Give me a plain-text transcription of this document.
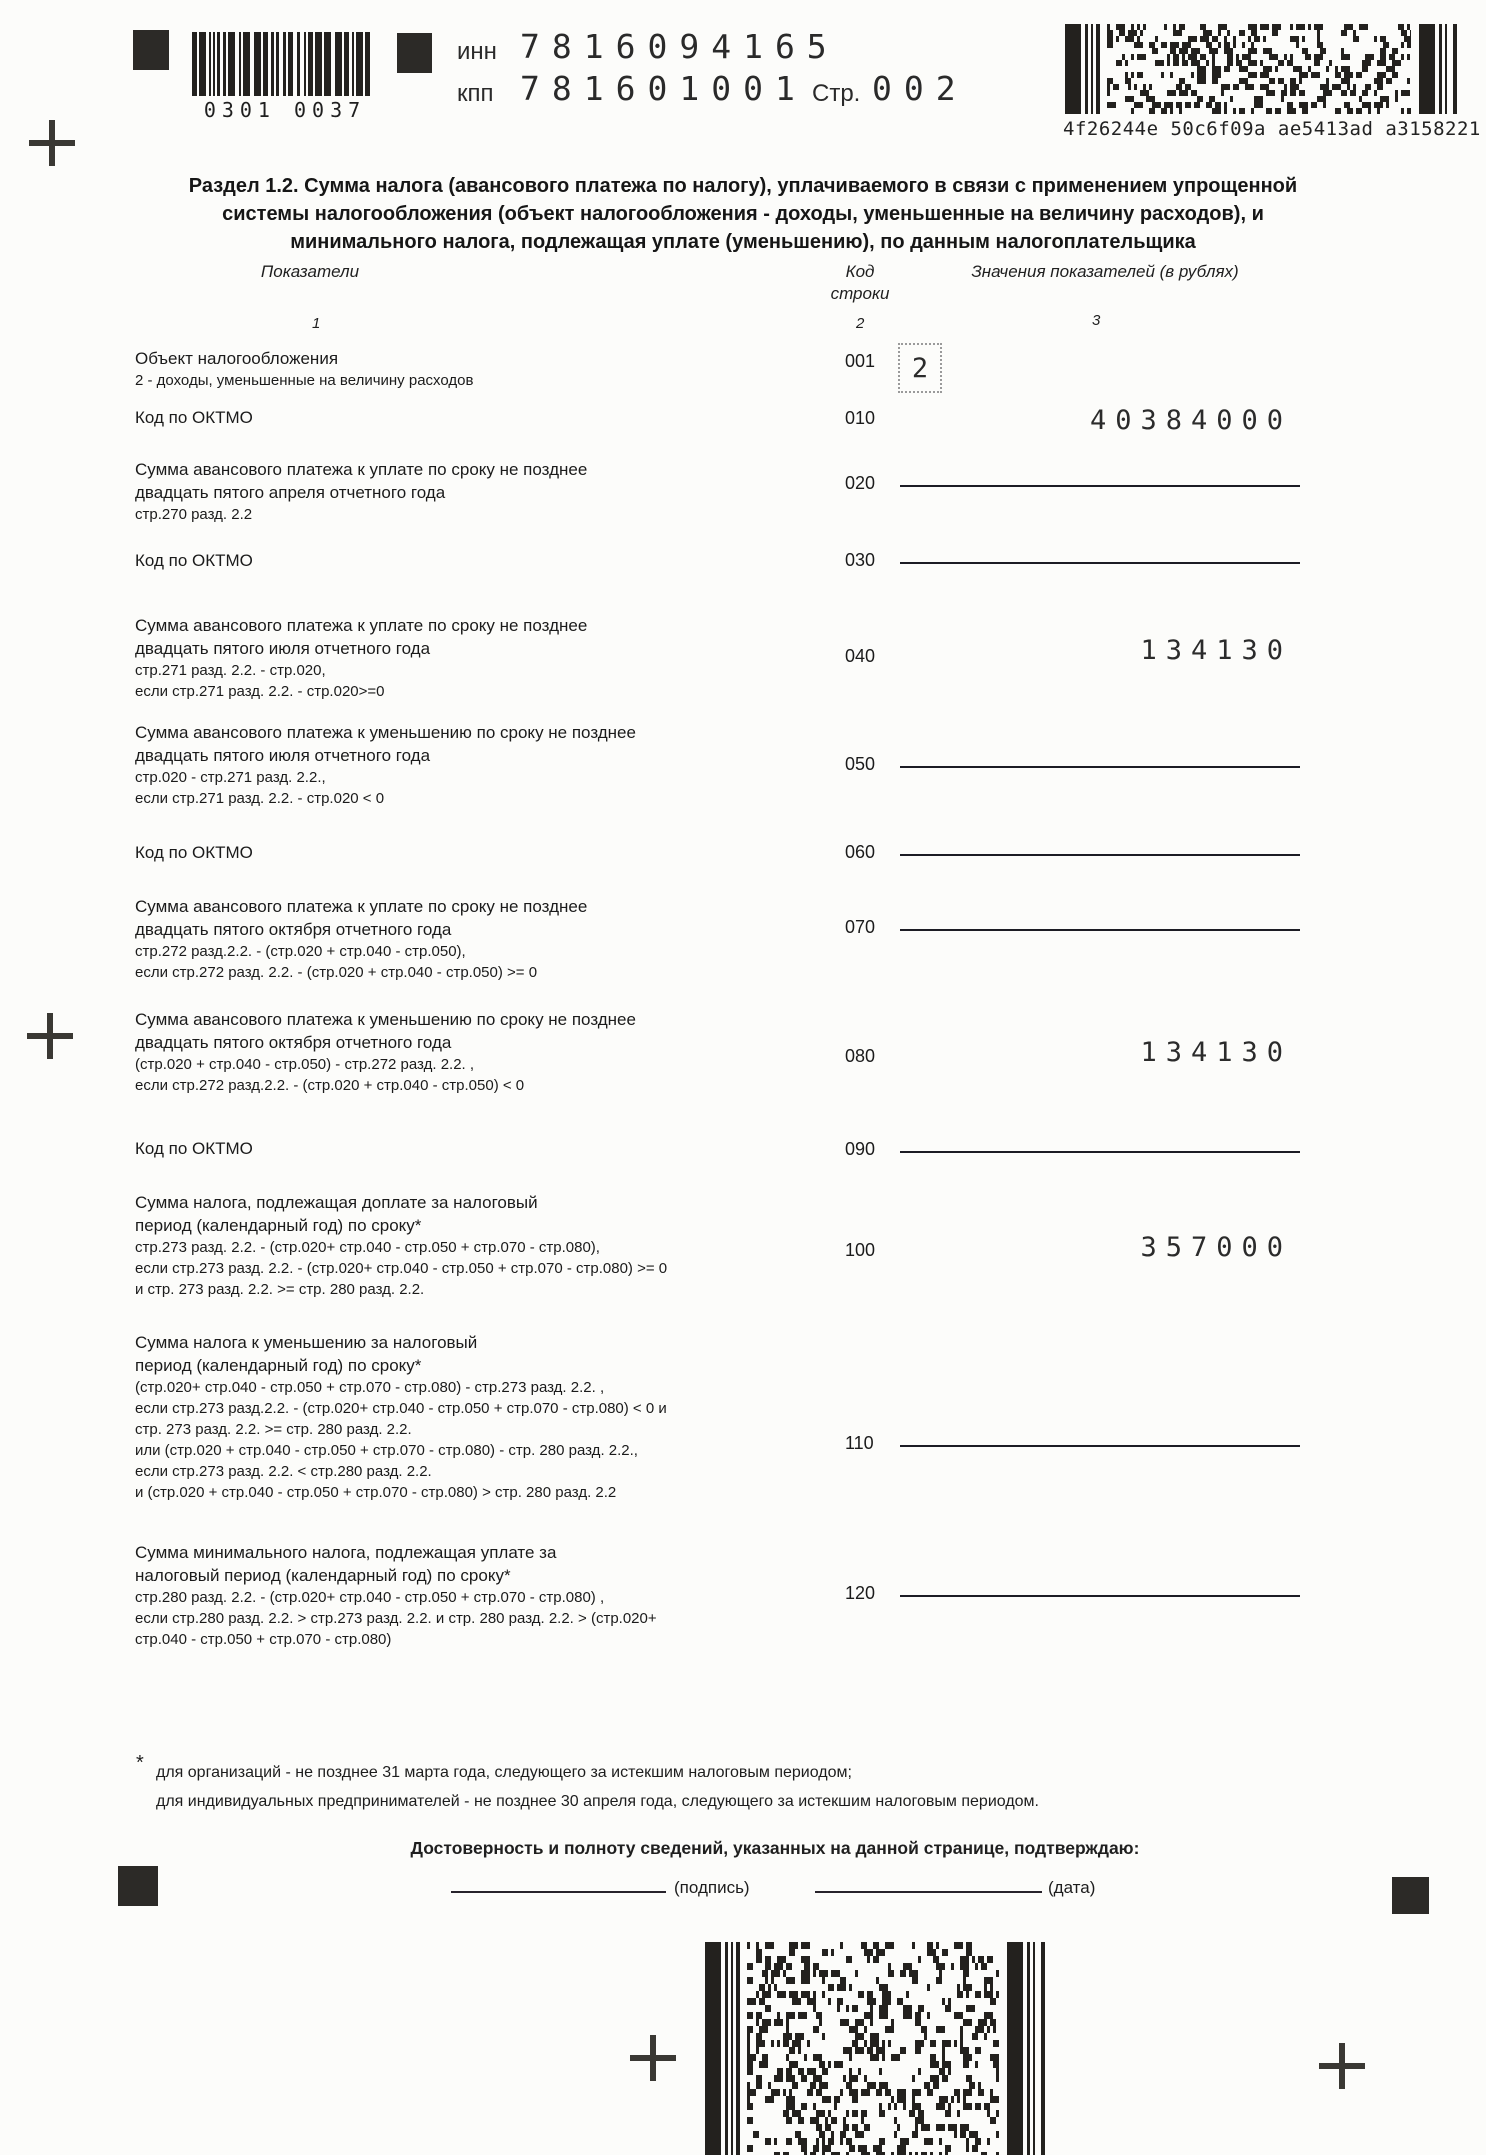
0301 0037
инн 7816094165
кпп 781601001 Стр. 002
4f26244e 50c6f09a ae5413ad a3158221
Раздел 1.2. Сумма налога (авансового платежа по налогу), уплачиваемого в связи с применением упрощенной
системы налогообложения (объект налогообложения - доходы, уменьшенные на величину расходов), и
минимального налога, подлежащая уплате (уменьшению), по данным налогоплательщика
Показатели	Код
строки
Значения показателей (в рублях)
1	2	3
Объект налогообложения
2 - доходы, уменьшенные на величину расходов
001	2
Код по ОКТМО	010	40384000
Сумма авансового платежа к уплате по сроку не позднее
двадцать пятого апреля отчетного года
стр.270 разд. 2.2
020
Код по ОКТМО	030
Сумма авансового платежа к уплате по сроку не позднее
двадцать пятого июля отчетного года
стр.271 разд. 2.2. - стр.020,
если стр.271 разд. 2.2. - стр.020>=0
040	134130
Сумма авансового платежа к уменьшению по сроку не позднее
двадцать пятого июля отчетного года
стр.020 - стр.271 разд. 2.2.,
если стр.271 разд. 2.2. - стр.020 < 0
050
Код по ОКТМО	060
Сумма авансового платежа к уплате по сроку не позднее
двадцать пятого октября отчетного года
стр.272 разд.2.2. - (стр.020 + стр.040 - стр.050),
если стр.272 разд. 2.2. - (стр.020 + стр.040 - стр.050) >= 0
070
Сумма авансового платежа к уменьшению по сроку не позднее
двадцать пятого октября отчетного года
(стр.020 + стр.040 - стр.050) - стр.272 разд. 2.2. ,
если стр.272 разд.2.2. - (стр.020 + стр.040 - стр.050) < 0
080	134130
Код по ОКТМО	090
Сумма налога, подлежащая доплате за налоговый
период (календарный год) по сроку*
стр.273 разд. 2.2. - (стр.020+ стр.040 - стр.050 + стр.070 - стр.080),
если стр.273 разд. 2.2. - (стр.020+ стр.040 - стр.050 + стр.070 - стр.080) >= 0
и стр. 273 разд. 2.2. >= стр. 280 разд. 2.2.
100	357000
Сумма налога к уменьшению за налоговый
период (календарный год) по сроку*
(стр.020+ стр.040 - стр.050 + стр.070 - стр.080) - стр.273 разд. 2.2. ,
если стр.273 разд.2.2. - (стр.020+ стр.040 - стр.050 + стр.070 - стр.080) < 0 и
стр. 273 разд. 2.2. >= стр. 280 разд. 2.2.
или (стр.020 + стр.040 - стр.050 + стр.070 - стр.080) - стр. 280 разд. 2.2.,
если стр.273 разд. 2.2. < стр.280 разд. 2.2.
и (стр.020 + стр.040 - стр.050 + стр.070 - стр.080) > стр. 280 разд. 2.2
110
Сумма минимального налога, подлежащая уплате за
налоговый период (календарный год) по сроку*
стр.280 разд. 2.2. - (стр.020+ стр.040 - стр.050 + стр.070 - стр.080) ,
если стр.280 разд. 2.2. > стр.273 разд. 2.2. и стр. 280 разд. 2.2. > (стр.020+
стр.040 - стр.050 + стр.070 - стр.080)
120
* для организаций - не позднее 31 марта года, следующего за истекшим налоговым периодом;
для индивидуальных предпринимателей - не позднее 30 апреля года, следующего за истекшим налоговым периодом.
Достоверность и полноту сведений, указанных на данной странице, подтверждаю:
(подпись)	(дата)
